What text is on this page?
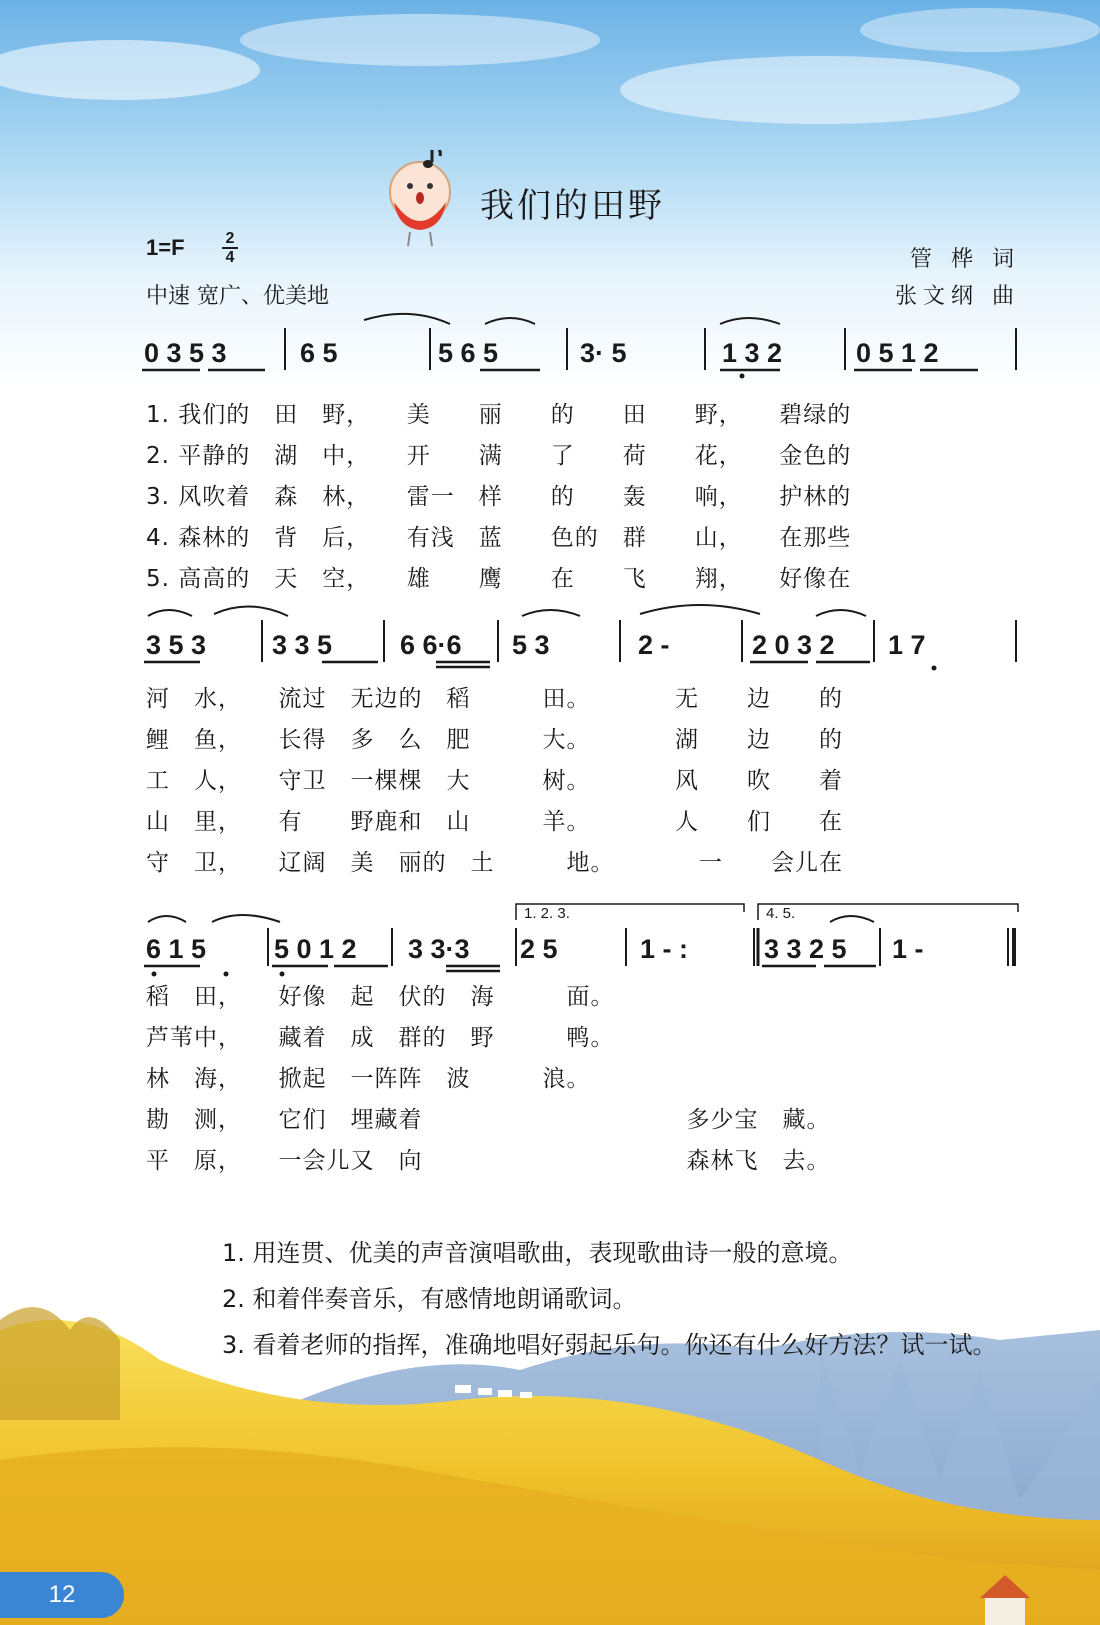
我们的田野
1=F	2
4
中速 宽广、优美地
管 桦 词
张文纲 曲
0 3 5 3	6 5	5 6 5	3· 5	1 3 2	0 5 1 2
1. 我们的　田　野，　　美　　丽　　的　　田　　野，　　碧绿的
2. 平静的　湖　中，　　开　　满　　了　　荷　　花，　　金色的
3. 风吹着　森　林，　　雷一　样　　的　　轰　　响，　　护林的
4. 森林的　背　后，　　有浅　蓝　　色的　群　　山，　　在那些
5. 高高的　天　空，　　雄　　鹰　　在　　飞　　翔，　　好像在
3 5 3 3 3 5	6 6·6 5 3	2 -	2 0 3 2 1 7
河　水，　　流过　无边的　稻　　　田。　　　　无　　边　　的
鲤　鱼，　　长得　多　么　肥　　　大。　　　　湖　　边　　的
工　人，　　守卫　一棵棵　大　　　树。　　　　风　　吹　　着
山　里，　　有　　野鹿和　山　　　羊。　　　　人　　们　　在
守　卫，　　辽阔　美　丽的　土　　　地。　　　　一　　会儿在
1. 2. 3.	4. 5.
6 1 5	5 0 1 2 3 3·3 2 5	1 - :	3 3 2 5 1 -
稻　田，　　好像　起　伏的　海　　　面。
芦苇中，　　藏着　成　群的　野　　　鸭。
林　海，　　掀起　一阵阵　波　　　浪。
勘　测，　　它们　埋藏着　　　　　　　　　　　多少宝　藏。
平　原，　　一会儿又　向　　　　　　　　　　　森林飞　去。
1. 用连贯、优美的声音演唱歌曲，表现歌曲诗一般的意境。
2. 和着伴奏音乐，有感情地朗诵歌词。
3. 看着老师的指挥，准确地唱好弱起乐句。你还有什么好方法？试一试。
12
